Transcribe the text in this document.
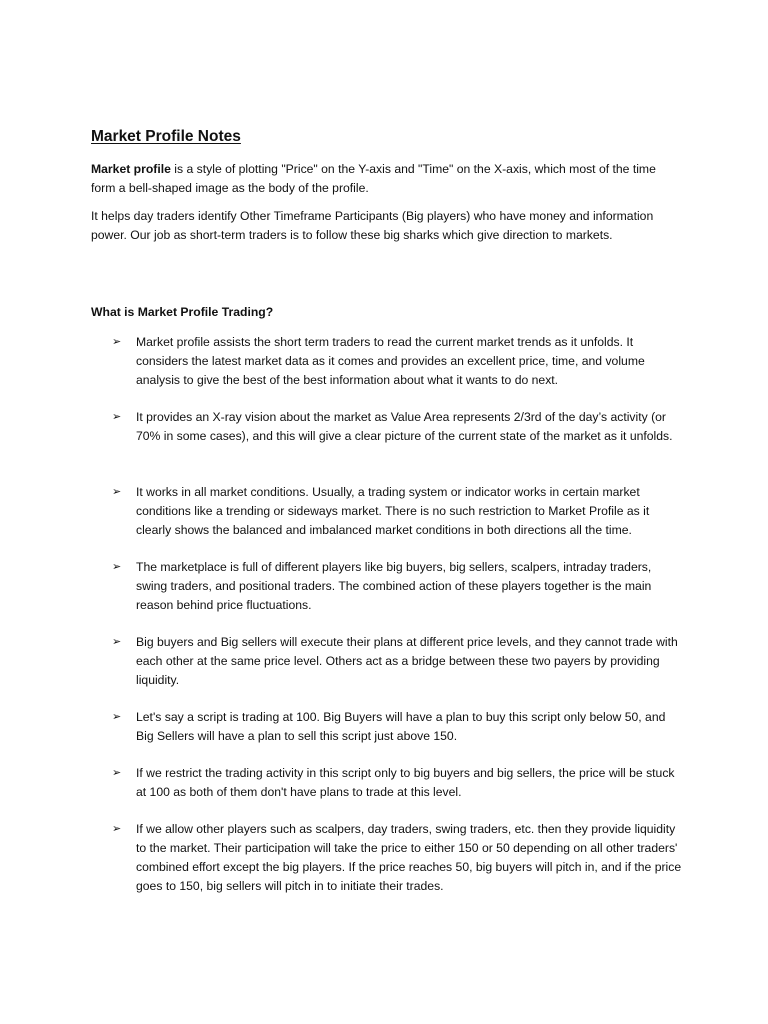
Market Profile Notes

Market profile is a style of plotting "Price" on the Y-axis and "Time" on the X-axis, which most of the time form a bell-shaped image as the body of the profile.

It helps day traders identify Other Timeframe Participants (Big players) who have money and information power. Our job as short-term traders is to follow these big sharks which give direction to markets.

What is Market Profile Trading?
➢	Market profile assists the short term traders to read the current market trends as it unfolds. It considers the latest market data as it comes and provides an excellent price, time, and volume analysis to give the best of the best information about what it wants to do next.

➢	It provides an X-ray vision about the market as Value Area represents 2/3rd of the day’s activity (or 70% in some cases), and this will give a clear picture of the current state of the market as it unfolds.

➢	It works in all market conditions. Usually, a trading system or indicator works in certain market conditions like a trending or sideways market. There is no such restriction to Market Profile as it clearly shows the balanced and imbalanced market conditions in both directions all the time.

➢	The marketplace is full of different players like big buyers, big sellers, scalpers, intraday traders, swing traders, and positional traders. The combined action of these players together is the main reason behind price fluctuations.

➢	Big buyers and Big sellers will execute their plans at different price levels, and they cannot trade with each other at the same price level. Others act as a bridge between these two payers by providing liquidity.

➢	Let's say a script is trading at 100. Big Buyers will have a plan to buy this script only below 50, and Big Sellers will have a plan to sell this script just above 150.

➢	If we restrict the trading activity in this script only to big buyers and big sellers, the price will be stuck at 100 as both of them don't have plans to trade at this level.

➢	If we allow other players such as scalpers, day traders, swing traders, etc. then they provide liquidity to the market. Their participation will take the price to either 150 or 50 depending on all other traders' combined effort except the big players. If the price reaches 50, big buyers will pitch in, and if the price goes to 150, big sellers will pitch in to initiate their trades.
